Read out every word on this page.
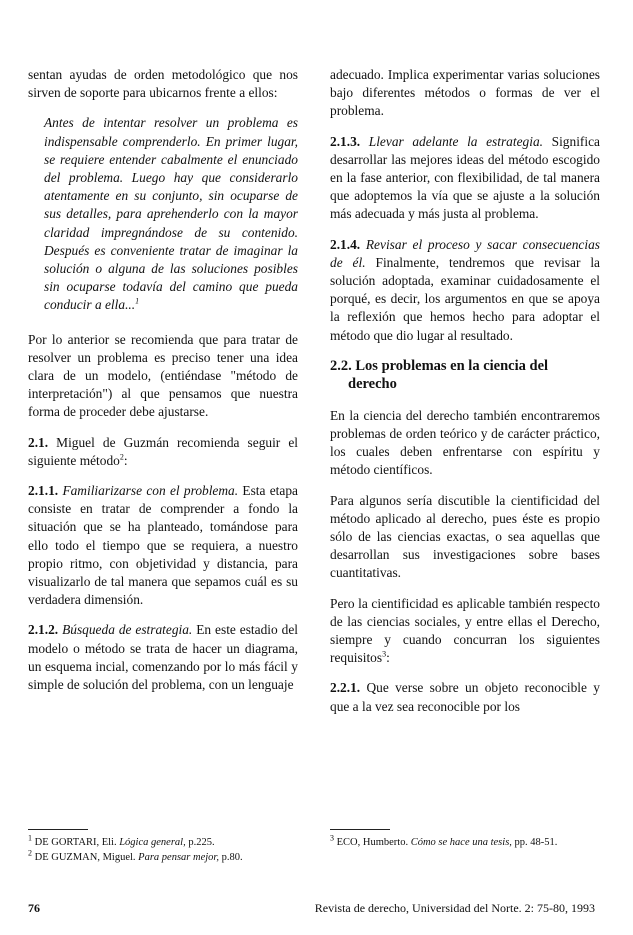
sentan ayudas de orden metodológico que nos sirven de soporte para ubicarnos frente a ellos:

Antes de intentar resolver un problema es indispensable comprenderlo. En primer lugar, se requiere entender cabalmente el enunciado del problema. Luego hay que considerarlo atentamente en su conjunto, sin ocuparse de sus detalles, para aprehenderlo con la mayor claridad impregnándose de su contenido. Después es conveniente tratar de imaginar la solución o alguna de las soluciones posibles sin ocuparse todavía del camino que pueda conducir a ella...$^1$

Por lo anterior se recomienda que para tratar de resolver un problema es preciso tener una idea clara de un modelo, (entiéndase "método de interpretación") al que pensamos que nuestra forma de proceder debe ajustarse.

2.1. Miguel de Guzmán recomienda seguir el siguiente método$^2$:

2.1.1. Familiarizarse con el problema. Esta etapa consiste en tratar de comprender a fondo la situación que se ha planteado, tomándose para ello todo el tiempo que se requiera, a nuestro propio ritmo, con objetividad y distancia, para visualizarlo de tal manera que sepamos cuál es su verdadera dimensión.

2.1.2. Búsqueda de estrategia. En este estadio del modelo o método se trata de hacer un diagrama, un esquema incial, comenzando por lo más fácil y simple de solución del problema, con un lenguaje

adecuado. Implica experimentar varias soluciones bajo diferentes métodos o formas de ver el problema.

2.1.3. Llevar adelante la estrategia. Significa desarrollar las mejores ideas del método escogido en la fase anterior, con flexibilidad, de tal manera que adoptemos la vía que se ajuste a la solución más adecuada y más justa al problema.

2.1.4. Revisar el proceso y sacar consecuencias de él. Finalmente, tendremos que revisar la solución adoptada, examinar cuidadosamente el porqué, es decir, los argumentos en que se apoya la reflexión que hemos hecho para adoptar el método que dio lugar al resultado.

2.2. Los problemas en la ciencia del derecho

En la ciencia del derecho también encontraremos problemas de orden teórico y de carácter práctico, los cuales deben enfrentarse con espíritu y método científicos.

Para algunos sería discutible la cientificidad del método aplicado al derecho, pues éste es propio sólo de las ciencias exactas, o sea aquellas que desarrollan sus investigaciones sobre bases cuantitativas.

Pero la cientificidad es aplicable también respecto de las ciencias sociales, y entre ellas el Derecho, siempre y cuando concurran los siguientes requisitos$^3$:

2.2.1. Que verse sobre un objeto reconocible y que a la vez sea reconocible por los

$^1$ DE GORTARI, Eli. Lógica general, p.225.
$^2$ DE GUZMAN, Miguel. Para pensar mejor, p.80.
$^3$ ECO, Humberto. Cómo se hace una tesis, pp. 48-51.
76	Revista de derecho, Universidad del Norte. 2: 75-80, 1993
